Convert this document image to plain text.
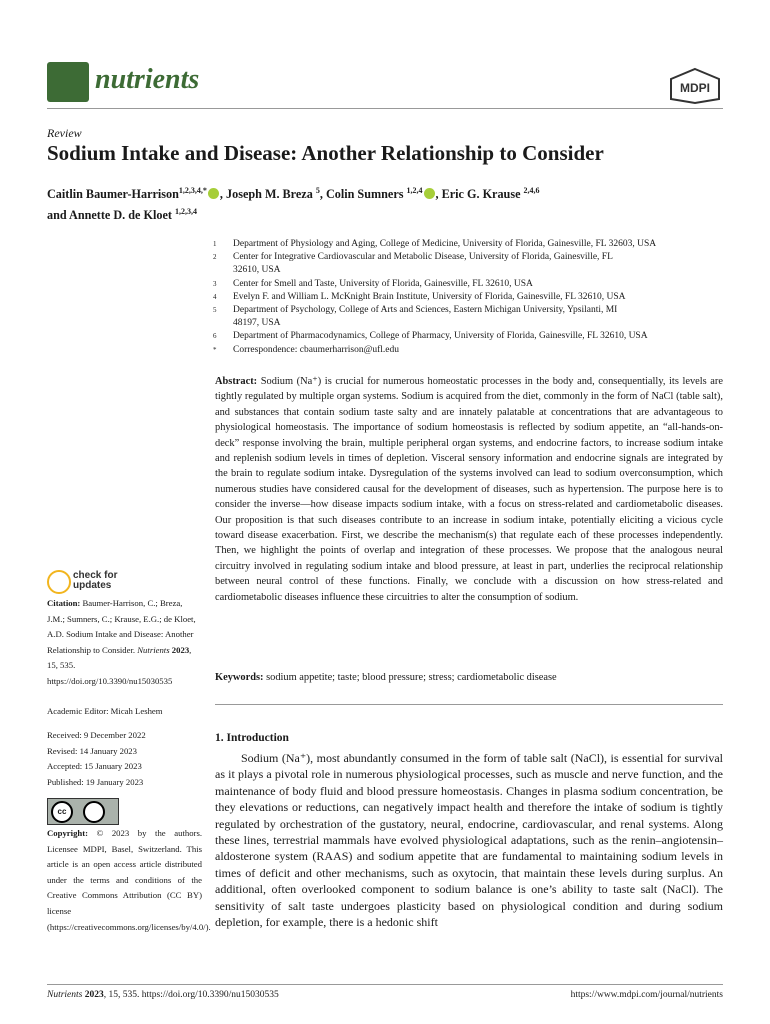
nutrients	MDPI
Review
Sodium Intake and Disease: Another Relationship to Consider
Caitlin Baumer-Harrison$^{1,2,3,4,*}$ , Joseph M. Breza $^5$, Colin Sumners $^{1,2,4}$ , Eric G. Krause $^{2,4,6}$
and Annette D. de Kloet $^{1,2,3,4}$
1 Department of Physiology and Aging, College of Medicine, University of Florida, Gainesville, FL 32603, USA
2 Center for Integrative Cardiovascular and Metabolic Disease, University of Florida, Gainesville, FL 32610, USA
3 Center for Smell and Taste, University of Florida, Gainesville, FL 32610, USA
4 Evelyn F. and William L. McKnight Brain Institute, University of Florida, Gainesville, FL 32610, USA
5 Department of Psychology, College of Arts and Sciences, Eastern Michigan University, Ypsilanti, MI 48197, USA
6 Department of Pharmacodynamics, College of Pharmacy, University of Florida, Gainesville, FL 32610, USA
* Correspondence: cbaumerharrison@ufl.edu
Abstract: Sodium (Na⁺) is crucial for numerous homeostatic processes in the body and, consequentially, its levels are tightly regulated by multiple organ systems. Sodium is acquired from the diet, commonly in the form of NaCl (table salt), and substances that contain sodium taste salty and are innately palatable at concentrations that are advantageous to physiological homeostasis. The importance of sodium homeostasis is reflected by sodium appetite, an “all-hands-on-deck” response involving the brain, multiple peripheral organ systems, and endocrine factors, to increase sodium intake and replenish sodium levels in times of depletion. Visceral sensory information and endocrine signals are integrated by the brain to regulate sodium intake. Dysregulation of the systems involved can lead to sodium overconsumption, which numerous studies have considered causal for the development of diseases, such as hypertension. The purpose here is to consider the inverse—how disease impacts sodium intake, with a focus on stress-related and cardiometabolic diseases. Our proposition is that such diseases contribute to an increase in sodium intake, potentially eliciting a vicious cycle toward disease exacerbation. First, we describe the mechanism(s) that regulate each of these processes independently. Then, we highlight the points of overlap and integration of these processes. We propose that the analogous neural circuitry involved in regulating sodium intake and blood pressure, at least in part, underlies the reciprocal relationship between neural control of these functions. Finally, we conclude with a discussion on how stress-related and cardiometabolic diseases influence these circuitries to alter the consumption of sodium.
Keywords: sodium appetite; taste; blood pressure; stress; cardiometabolic disease
check for updates
Citation: Baumer-Harrison, C.; Breza, J.M.; Sumners, C.; Krause, E.G.; de Kloet, A.D. Sodium Intake and Disease: Another Relationship to Consider. Nutrients 2023, 15, 535. https://doi.org/10.3390/nu15030535
Academic Editor: Micah Leshem
Received: 9 December 2022
Revised: 14 January 2023
Accepted: 15 January 2023
Published: 19 January 2023
cc
Copyright: © 2023 by the authors. Licensee MDPI, Basel, Switzerland. This article is an open access article distributed under the terms and conditions of the Creative Commons Attribution (CC BY) license (https://creativecommons.org/licenses/by/4.0/).
1. Introduction
Sodium (Na⁺), most abundantly consumed in the form of table salt (NaCl), is essential for survival as it plays a pivotal role in numerous physiological processes, such as muscle and nerve function, and the maintenance of body fluid and blood pressure homeostasis. Changes in plasma sodium concentration, be they elevations or reductions, can negatively impact health and therefore the intake of sodium is tightly regulated by orchestration of the gustatory, neural, endocrine, cardiovascular, and renal systems. Along these lines, terrestrial mammals have evolved physiological adaptations, such as the renin–angiotensin–aldosterone system (RAAS) and sodium appetite that are fundamental to maintaining sodium levels in times of deficit and other mechanisms, such as oxytocin, that maintain these levels during surplus. An additional, often overlooked component to sodium balance is one’s ability to taste salt (NaCl). The sensitivity of salt taste undergoes plasticity based on physiological condition and during sodium depletion, for example, there is a hedonic shift
Nutrients 2023, 15, 535. https://doi.org/10.3390/nu15030535	https://www.mdpi.com/journal/nutrients
